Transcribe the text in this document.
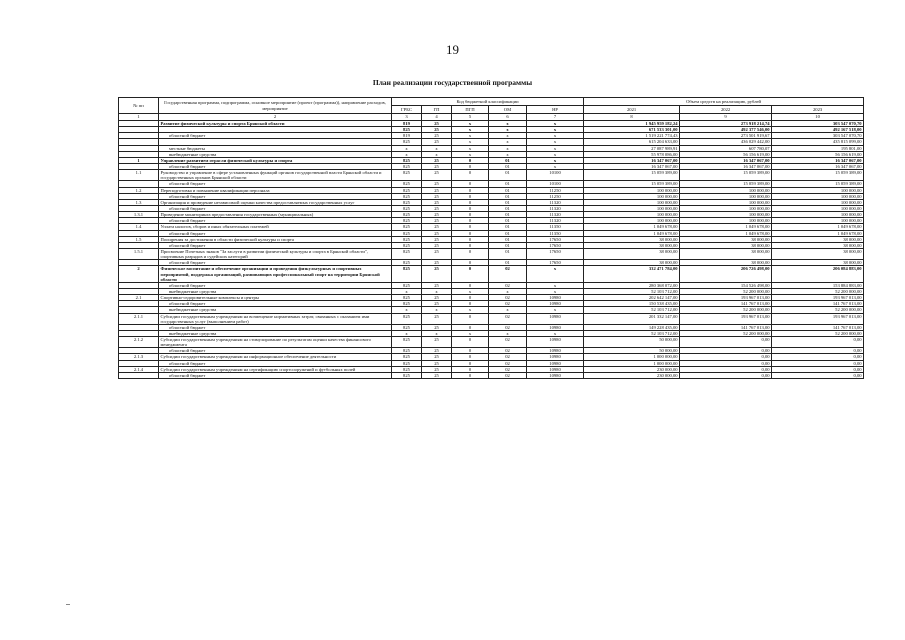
19
План реализации государственной программы
№ пп	Государственная программа, подпрограмма, основное мероприятие (проект (программа)), направление расходов, мероприятие	Код бюджетной классификации					Объем средств на реализацию, рублей		
		ГРБС	ГП	ПГП	ОМ	НР	2021	2022	2023
1	2	3	4	5	6	7	8	9	10
	Развитие физической культуры и спорта Брянской области	819	25	х	х	х	1 945 959 182,24	273 918 214,74	303 547 070,70
		825	25	х	х	х	671 533 301,00	492 377 546,00	492 167 518,00
	областной бюджет	819	25	х	х	х	1 519 221 774,43	273 501 919,67	303 547 070,70
		825	25	х	х	х	615 204 633,00	436 029 442,00	435 815 099,00
	местные бюджеты	х	х	х	х	х	27 087 989,91	607 780,07	195 801,00
	внебюджетные средства	х	х	х	х	х	55 978 086,00	56 156 619,00	56 156 619,00
1	Управление развитием отрасли физической культуры и спорта	825	25	0	01	х	16 347 067,00	16 347 067,00	16 347 067,00
	областной бюджет	825	25	0	01	х	16 347 067,00	16 347 067,00	16 347 067,00
1.1	Руководство и управление в сфере установленных функций органов государственной власти Брянской области и государственных органов Брянской области	825	25	0	01	10100	15 059 389,00	15 059 389,00	15 059 389,00
	областной бюджет	825	25	0	01	10100	15 059 389,00	15 059 389,00	15 059 389,00
1.2	Переподготовка и повышение квалификации персонала	825	25	0	01	11250	100 000,00	100 000,00	100 000,00
	областной бюджет	825	25	0	01	11250	100 000,00	100 000,00	100 000,00
1.3	Организация и проведение независимой оценки качества предоставляемых государственных услуг	825	25	0	01	11320	100 000,00	100 000,00	100 000,00
	областной бюджет	825	25	0	01	11320	100 000,00	100 000,00	100 000,00
1.3.1	Проведение мониторинга предоставления государственных (муниципальных)	825	25	0	01	11320	100 000,00	100 000,00	100 000,00
	областной бюджет	825	25	0	01	11320	100 000,00	100 000,00	100 000,00
1.4	Уплата налогов, сборов и иных обязательных платежей	825	25	0	01	11350	1 049 678,00	1 049 678,00	1 049 678,00
	областной бюджет	825	25	0	01	11350	1 049 678,00	1 049 678,00	1 049 678,00
1.5	Поощрения за достижения в области физической культуры и спорта	825	25	0	01	17650	38 000,00	38 000,00	38 000,00
	областной бюджет	825	25	0	01	17650	38 000,00	38 000,00	38 000,00
1.5.1	Присвоение Почетных знаков "За заслуги в развитии физической культуры и спорта в Брянской области", спортивных разрядов и судейских категорий	825	25	0	01	17650	38 000,00	38 000,00	38 000,00
	областной бюджет	825	25	0	01	17650	38 000,00	38 000,00	38 000,00
2	Физическое воспитание и обеспечение организации и проведения физкультурных и спортивных мероприятий, поддержка организаций, развивающих профессиональный спорт на территории Брянской области	825	25	0	02	х	332 471 784,00	206 726 498,00	206 084 883,00
	областной бюджет	825	25	0	02	х	280 368 072,00	154 526 498,00	153 884 883,00
	внебюджетные средства	х	х	х	х	х	52 103 712,00	52 200 000,00	52 200 000,00
2.1	Спортивно-оздоровительные комплексы и центры	825	25	0	02	10980	202 642 147,00	193 967 013,00	193 967 013,00
	областной бюджет	825	25	0	02	10980	150 538 435,00	141 767 013,00	141 767 013,00
	внебюджетные средства	х	х	х	х	х	52 103 712,00	52 200 000,00	52 200 000,00
2.1.1	Субсидии государственным учреждениям на возмещение нормативных затрат, связанных с оказанием ими государственных услуг (выполнением работ)	825	25	0	02	10980	201 332 147,00	193 967 013,00	193 967 013,00
	областной бюджет	825	25	0	02	10980	149 228 435,00	141 767 013,00	141 767 013,00
	внебюджетные средства	х	х	х	х	х	52 103 712,00	52 200 000,00	52 200 000,00
2.1.2	Субсидии государственным учреждениям на стимулирование по результатам оценки качества финансового менеджмента	825	25	0	02	10980	50 000,00	0,00	0,00
	областной бюджет	825	25	0	02	10980	50 000,00	0,00	0,00
2.1.3	Субсидии государственным учреждениям на информационное обеспечение деятельности	825	25	0	02	10980	1 000 000,00	0,00	0,00
	областной бюджет	825	25	0	02	10980	1 000 000,00	0,00	0,00
2.1.4	Субсидии государственным учреждениям на сертификацию спортсооружений и футбольных полей	825	25	0	02	10980	230 000,00	0,00	0,00
	областной бюджет	825	25	0	02	10980	230 000,00	0,00	0,00
